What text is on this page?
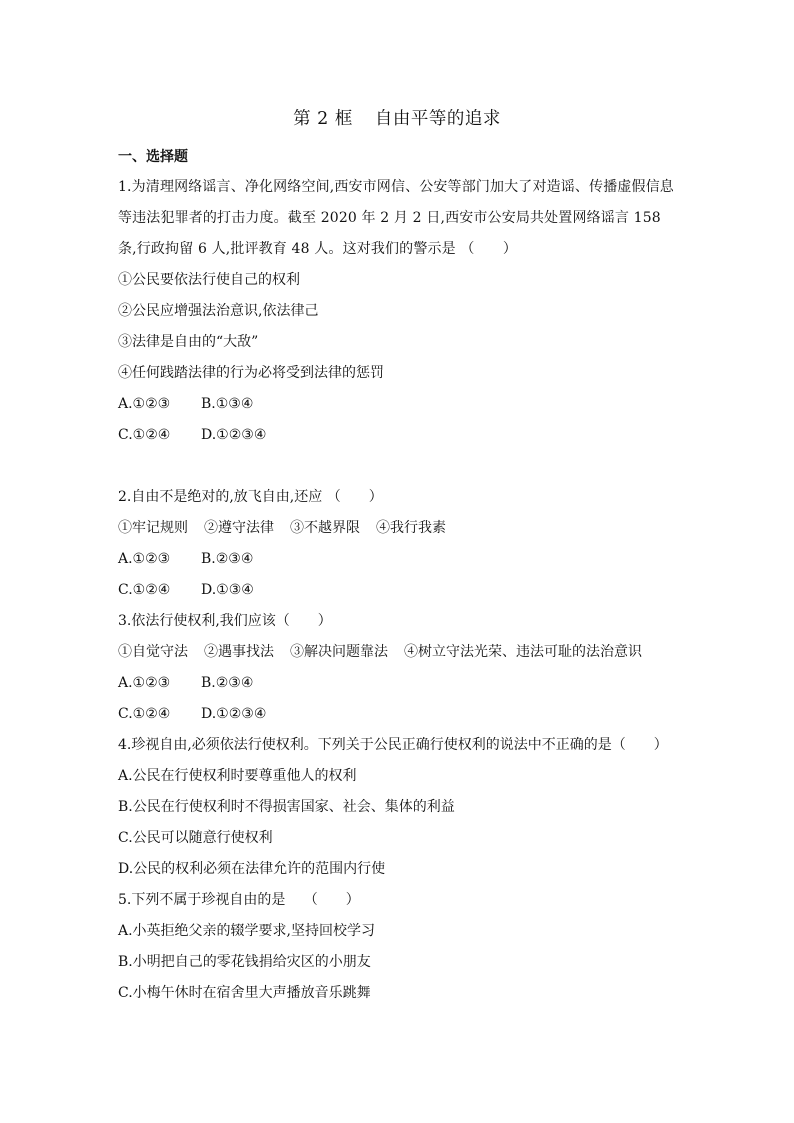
第 2 框 自由平等的追求
一、选择题
1.为清理网络谣言、净化网络空间,西安市网信、公安等部门加大了对造谣、传播虚假信息等违法犯罪者的打击力度。截至 2020 年 2 月 2 日,西安市公安局共处置网络谣言 158 条,行政拘留 6 人,批评教育 48 人。这对我们的警示是 （　　）
①公民要依法行使自己的权利
②公民应增强法治意识,依法律己
③法律是自由的“大敌”
④任何践踏法律的行为必将受到法律的惩罚
A.①②③ B.①③④
C.①②④ D.①②③④
2.自由不是绝对的,放飞自由,还应 （　　）
①牢记规则 ②遵守法律 ③不越界限 ④我行我素
A.①②③ B.②③④
C.①②④ D.①③④
3.依法行使权利,我们应该（　　）
①自觉守法 ②遇事找法 ③解决问题靠法 ④树立守法光荣、违法可耻的法治意识
A.①②③ B.②③④
C.①②④ D.①②③④
4.珍视自由,必须依法行使权利。下列关于公民正确行使权利的说法中不正确的是（　　）
A.公民在行使权利时要尊重他人的权利
B.公民在行使权利时不得损害国家、社会、集体的利益
C.公民可以随意行使权利
D.公民的权利必须在法律允许的范围内行使
5.下列不属于珍视自由的是　 （　　）
A.小英拒绝父亲的辍学要求,坚持回校学习
B.小明把自己的零花钱捐给灾区的小朋友
C.小梅午休时在宿舍里大声播放音乐跳舞
